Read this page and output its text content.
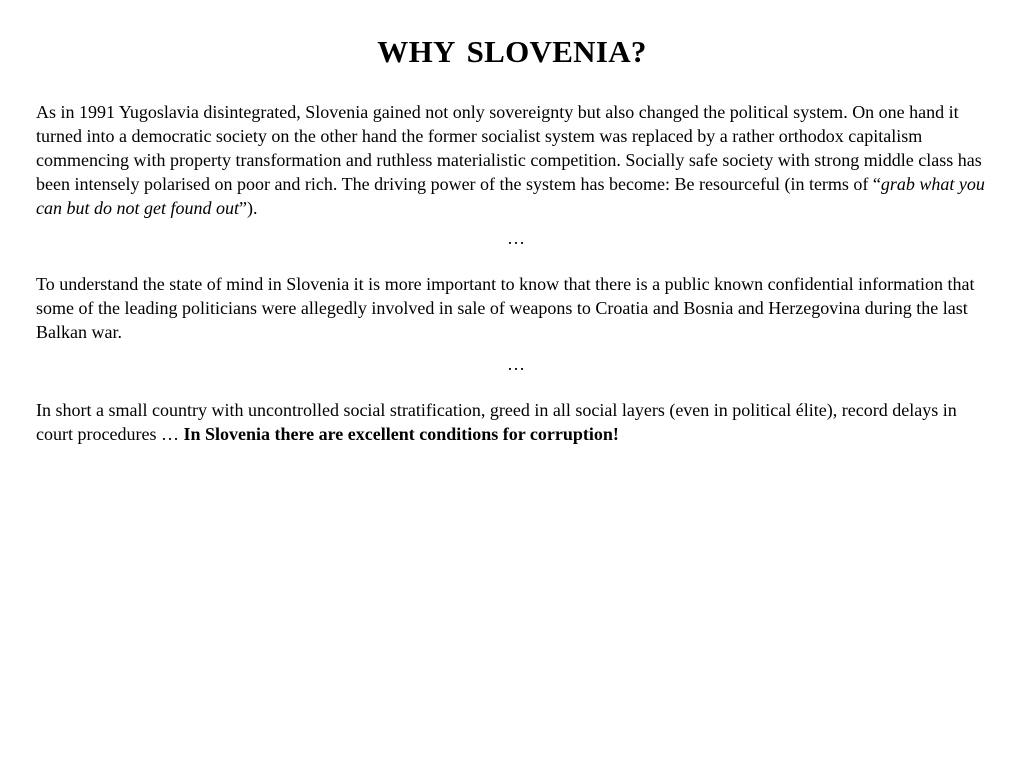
WHY SLOVENIA?

As in 1991 Yugoslavia disintegrated, Slovenia gained not only sovereignty but also changed the political system. On one hand it turned into a democratic society on the other hand the former socialist system was replaced by a rather orthodox capitalism commencing with property transformation and ruthless materialistic competition. Socially safe society with strong middle class has been intensely polarised on poor and rich. The driving power of the system has become: Be resourceful (in terms of “grab what you can but do not get found out”).

…

To understand the state of mind in Slovenia it is more important to know that there is a public known confidential information that some of the leading politicians were allegedly involved in sale of weapons to Croatia and Bosnia and Herzegovina during the last Balkan war.

…

In short a small country with uncontrolled social stratification, greed in all social layers (even in political élite), record delays in court procedures … In Slovenia there are excellent conditions for corruption!
